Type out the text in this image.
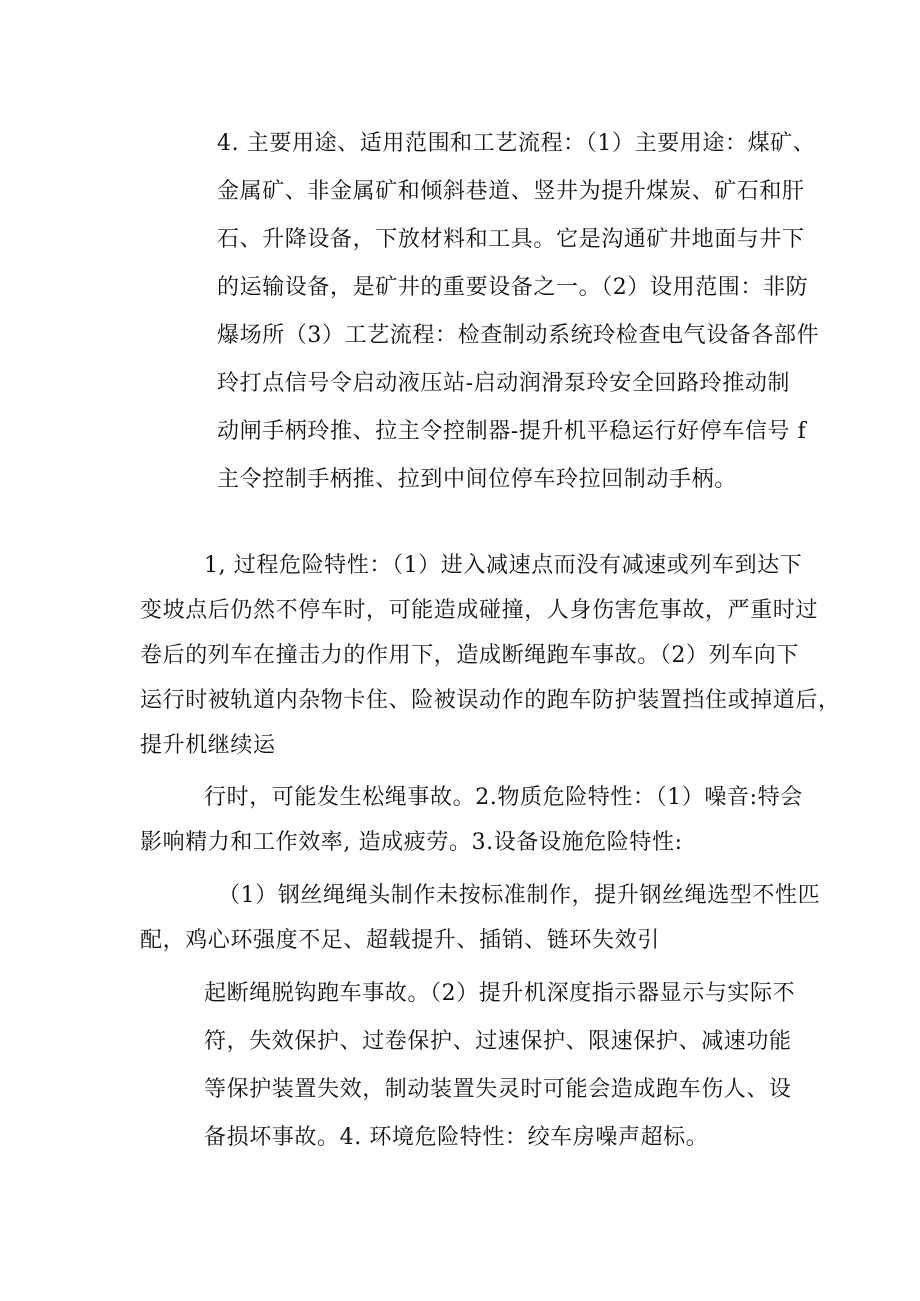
4. 主要用途、适用范围和工艺流程：（1）主要用途：煤矿、
金属矿、非金属矿和倾斜巷道、竖井为提升煤炭、矿石和肝
石、升降设备，下放材料和工具。它是沟通矿井地面与井下
的运输设备，是矿井的重要设备之一。（2）设用范围：非防
爆场所（3）工艺流程：检查制动系统玲检查电气设备各部件
玲打点信号令启动液压站-启动润滑泵玲安全回路玲推动制
动闸手柄玲推、拉主令控制器-提升机平稳运行好停车信号 f
主令控制手柄推、拉到中间位停车玲拉回制动手柄。
1, 过程危险特性：（1）进入减速点而没有减速或列车到达下
变坡点后仍然不停车时，可能造成碰撞，人身伤害危事故，严重时过
卷后的列车在撞击力的作用下，造成断绳跑车事故。（2）列车向下
运行时被轨道内杂物卡住、险被误动作的跑车防护装置挡住或掉道后，
提升机继续运
行时，可能发生松绳事故。2.物质危险特性：（1）噪音:特会
影响精力和工作效率, 造成疲劳。3.设备设施危险特性:
（1）钢丝绳绳头制作未按标准制作，提升钢丝绳选型不性匹
配，鸡心环强度不足、超载提升、插销、链环失效引
起断绳脱钩跑车事故。（2）提升机深度指示器显示与实际不
符，失效保护、过卷保护、过速保护、限速保护、减速功能
等保护装置失效，制动装置失灵时可能会造成跑车伤人、设
备损坏事故。4. 环境危险特性：绞车房噪声超标。
